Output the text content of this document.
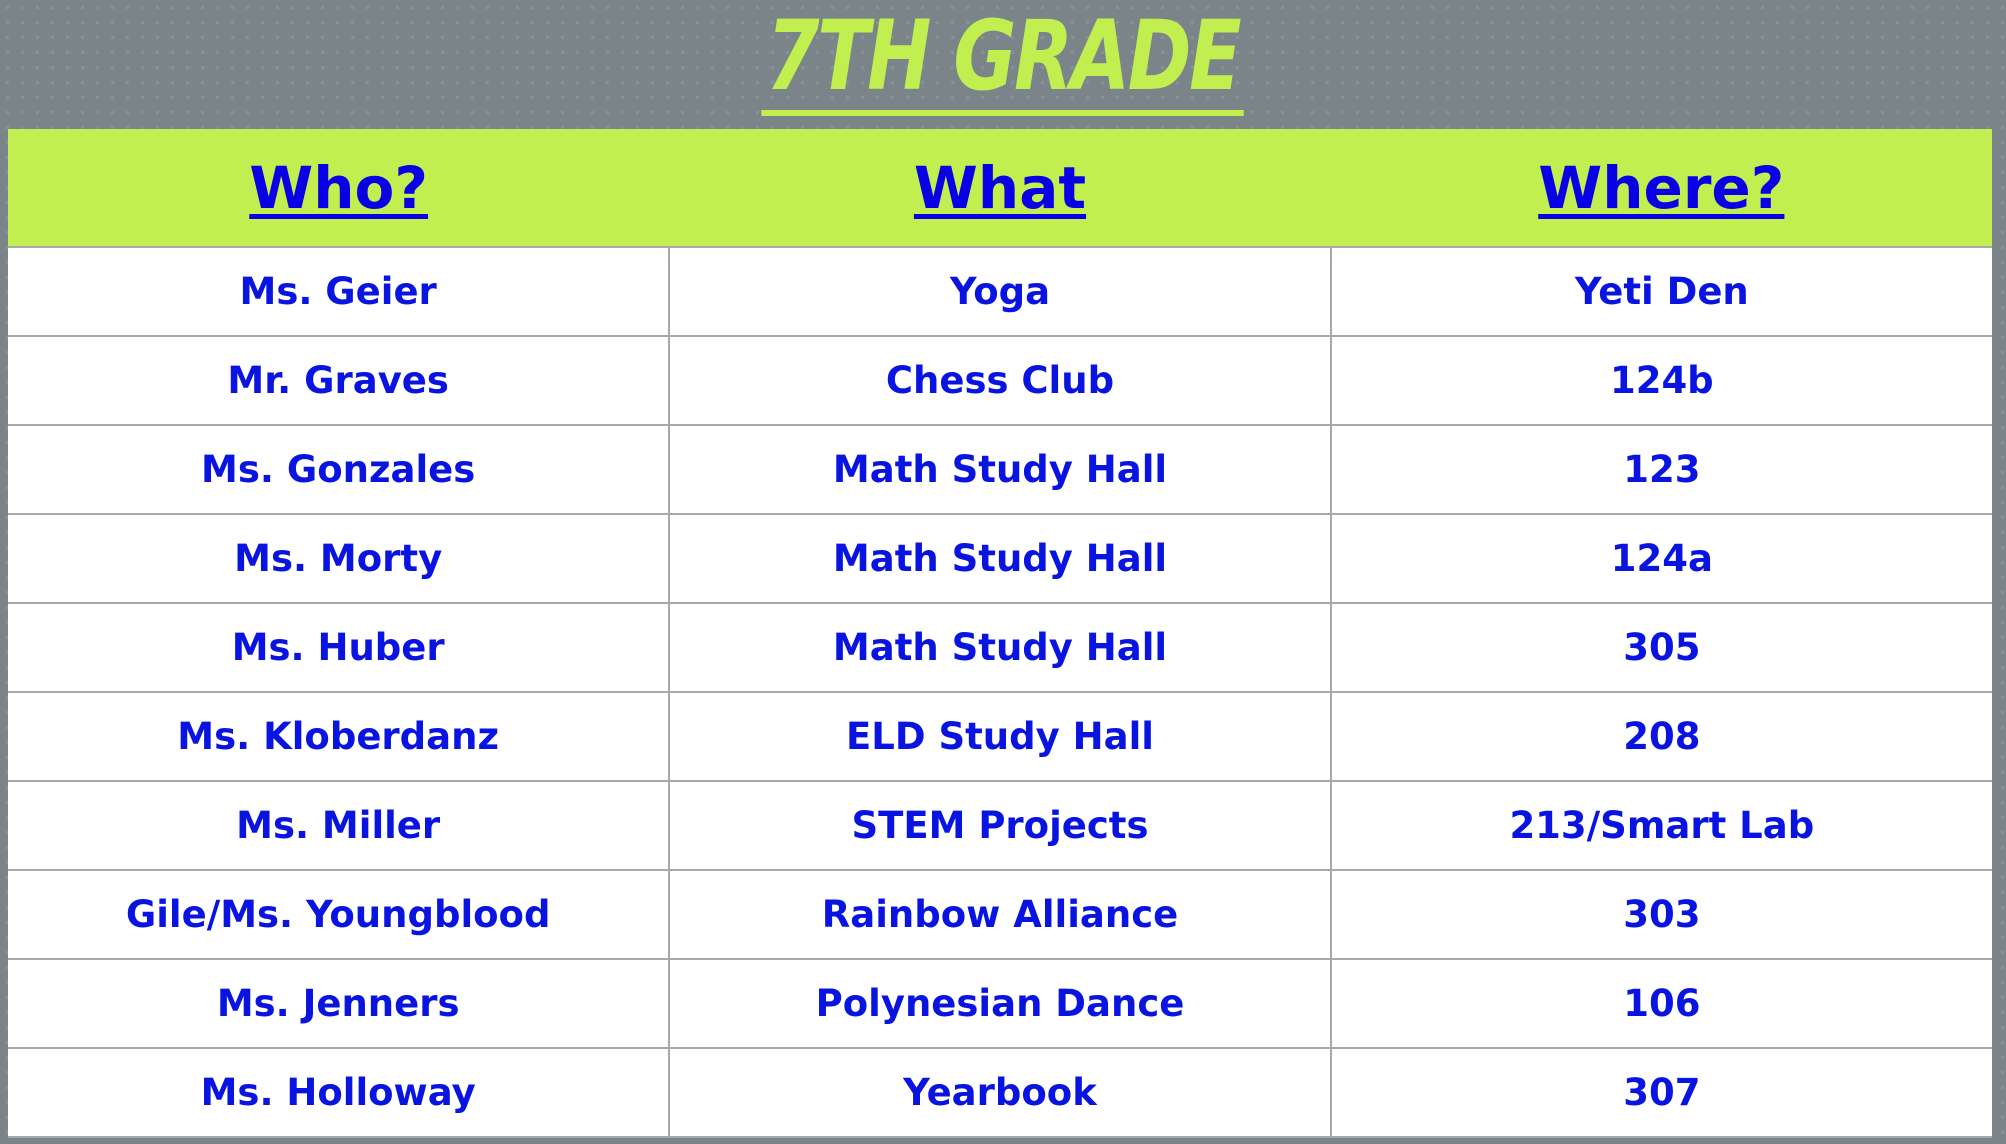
7TH GRADE
Who?	What	Where?
Ms. Geier	Yoga	Yeti Den
Mr. Graves	Chess Club	124b
Ms. Gonzales	Math Study Hall	123
Ms. Morty	Math Study Hall	124a
Ms. Huber	Math Study Hall	305
Ms. Kloberdanz	ELD Study Hall	208
Ms. Miller	STEM Projects	213/Smart Lab
Gile/Ms. Youngblood	Rainbow Alliance	303
Ms. Jenners	Polynesian Dance	106
Ms. Holloway	Yearbook	307
